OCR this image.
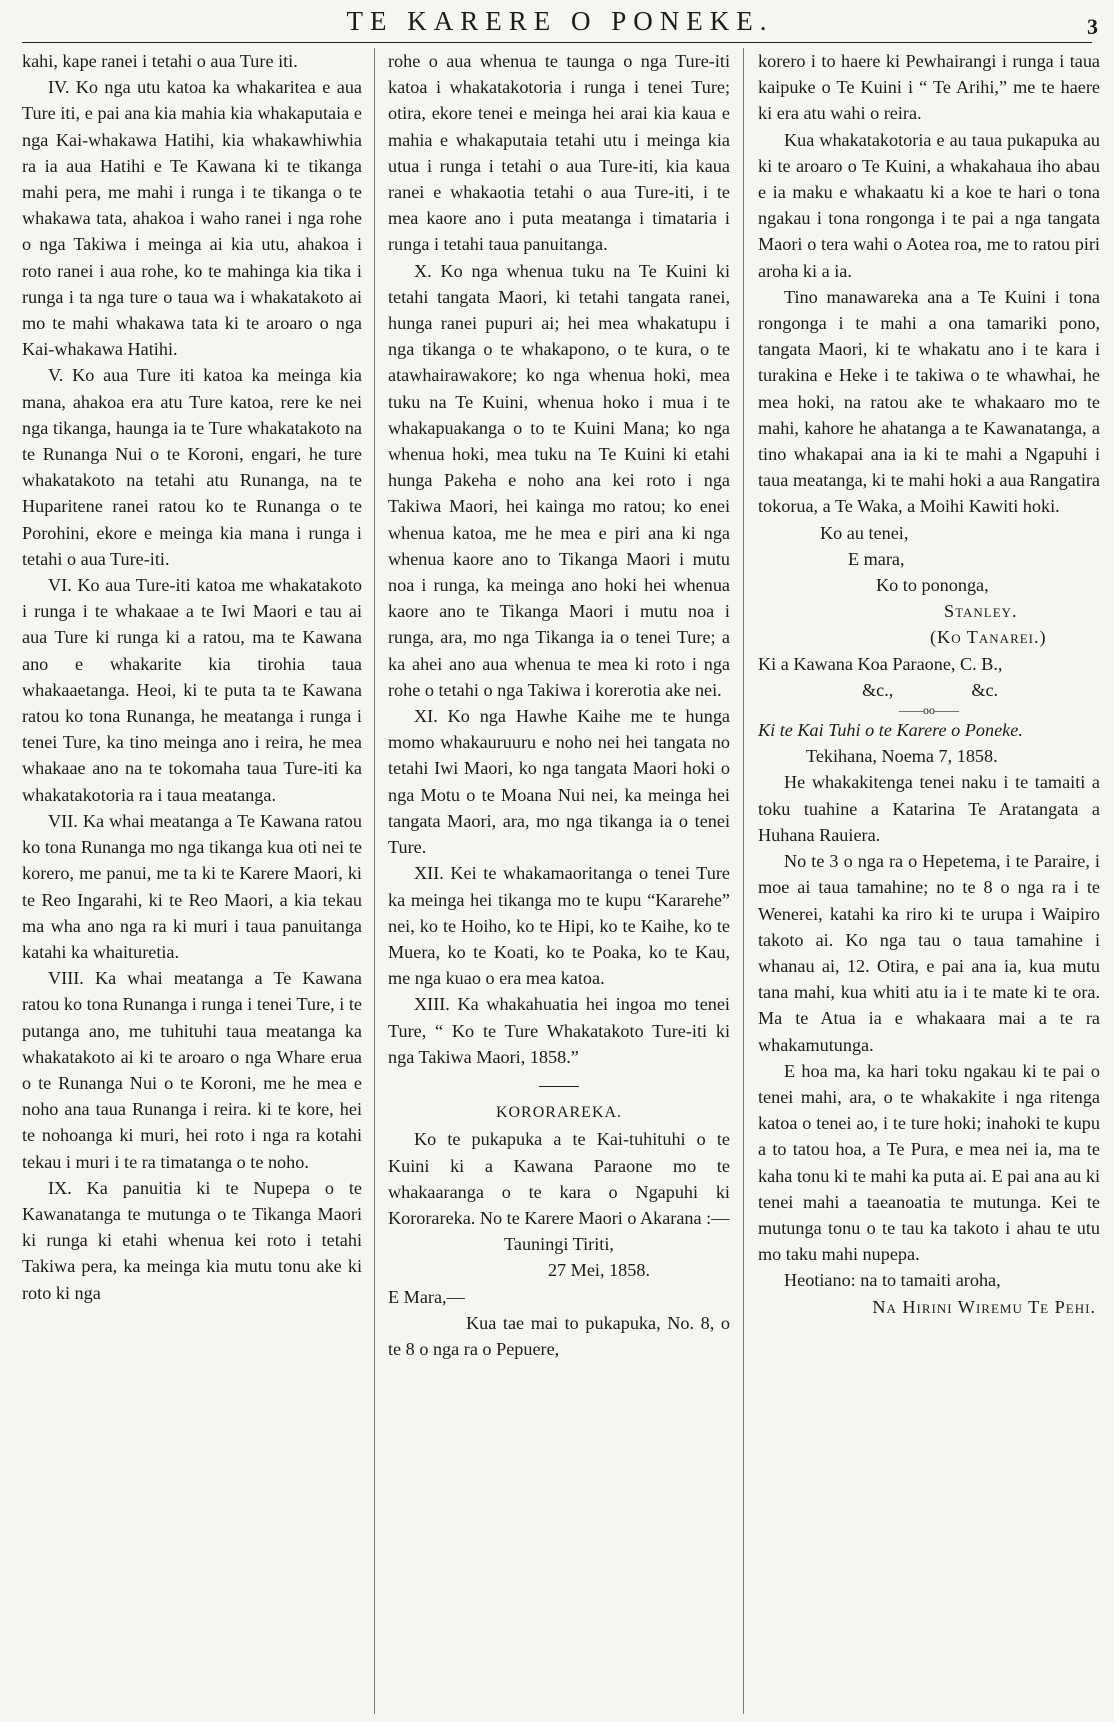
TE KARERE O PONEKE.	3

kahi, kape ranei i tetahi o aua Ture iti.

IV. Ko nga utu katoa ka whakaritea e aua Ture iti, e pai ana kia mahia kia whakaputaia e nga Kai-whakawa Hatihi, kia whakawhiwhia ra ia aua Hatihi e Te Kawana ki te tikanga mahi pera, me mahi i runga i te tikanga o te whakawa tata, ahakoa i waho ranei i nga rohe o nga Takiwa i meinga ai kia utu, ahakoa i roto ranei i aua rohe, ko te mahinga kia tika i runga i ta nga ture o taua wa i whakatakoto ai mo te mahi whakawa tata ki te aroaro o nga Kai-whakawa Hatihi.

V. Ko aua Ture iti katoa ka meinga kia mana, ahakoa era atu Ture katoa, rere ke nei nga tikanga, haunga ia te Ture whakatakoto na te Runanga Nui o te Koroni, engari, he ture whakatakoto na tetahi atu Runanga, na te Huparitene ranei ratou ko te Runanga o te Porohini, ekore e meinga kia mana i runga i tetahi o aua Ture-iti.

VI. Ko aua Ture-iti katoa me whakatakoto i runga i te whakaae a te Iwi Maori e tau ai aua Ture ki runga ki a ratou, ma te Kawana ano e whakarite kia tirohia taua whakaaetanga. Heoi, ki te puta ta te Kawana ratou ko tona Runanga, he meatanga i runga i tenei Ture, ka tino meinga ano i reira, he mea whakaae ano na te tokomaha taua Ture-iti ka whakatakotoria ra i taua meatanga.

VII. Ka whai meatanga a Te Kawana ratou ko tona Runanga mo nga tikanga kua oti nei te korero, me panui, me ta ki te Karere Maori, ki te Reo Ingarahi, ki te Reo Maori, a kia tekau ma wha ano nga ra ki muri i taua panuitanga katahi ka whaituretia.

VIII. Ka whai meatanga a Te Kawana ratou ko tona Runanga i runga i tenei Ture, i te putanga ano, me tuhituhi taua meatanga ka whakatakoto ai ki te aroaro o nga Whare erua o te Runanga Nui o te Koroni, me he mea e noho ana taua Runanga i reira. ki te kore, hei te nohoanga ki muri, hei roto i nga ra kotahi tekau i muri i te ra timatanga o te noho.

IX. Ka panuitia ki te Nupepa o te Kawanatanga te mutunga o te Tikanga Maori ki runga ki etahi whenua kei roto i tetahi Takiwa pera, ka meinga kia mutu tonu ake ki roto ki nga

rohe o aua whenua te taunga o nga Ture-iti katoa i whakatakotoria i runga i tenei Ture; otira, ekore tenei e meinga hei arai kia kaua e mahia e whakaputaia tetahi utu i meinga kia utua i runga i tetahi o aua Ture-iti, kia kaua ranei e whakaotia tetahi o aua Ture-iti, i te mea kaore ano i puta meatanga i timataria i runga i tetahi taua panuitanga.

X. Ko nga whenua tuku na Te Kuini ki tetahi tangata Maori, ki tetahi tangata ranei, hunga ranei pupuri ai; hei mea whakatupu i nga tikanga o te whakapono, o te kura, o te atawhairawakore; ko nga whenua hoki, mea tuku na Te Kuini, whenua hoko i mua i te whakapuakanga o to te Kuini Mana; ko nga whenua hoki, mea tuku na Te Kuini ki etahi hunga Pakeha e noho ana kei roto i nga Takiwa Maori, hei kainga mo ratou; ko enei whenua katoa, me he mea e piri ana ki nga whenua kaore ano to Tikanga Maori i mutu noa i runga, ka meinga ano hoki hei whenua kaore ano te Tikanga Maori i mutu noa i runga, ara, mo nga Tikanga ia o tenei Ture; a ka ahei ano aua whenua te mea ki roto i nga rohe o tetahi o nga Takiwa i korerotia ake nei.

XI. Ko nga Hawhe Kaihe me te hunga momo whakauruuru e noho nei hei tangata no tetahi Iwi Maori, ko nga tangata Maori hoki o nga Motu o te Moana Nui nei, ka meinga hei tangata Maori, ara, mo nga tikanga ia o tenei Ture.

XII. Kei te whakamaoritanga o tenei Ture ka meinga hei tikanga mo te kupu “Kararehe” nei, ko te Hoiho, ko te Hipi, ko te Kaihe, ko te Muera, ko te Koati, ko te Poaka, ko te Kau, me nga kuao o era mea katoa.

XIII. Ka whakahuatia hei ingoa mo tenei Ture, “ Ko te Ture Whakatakoto Ture-iti ki nga Takiwa Maori, 1858.”

KORORAREKA.

Ko te pukapuka a te Kai-tuhituhi o te Kuini ki a Kawana Paraone mo te whakaaranga o te kara o Ngapuhi ki Kororareka. No te Karere Maori o Akarana :—

Tauningi Tiriti,

27 Mei, 1858.

E Mara,—

Kua tae mai to pukapuka, No. 8, o te 8 o nga ra o Pepuere,

korero i to haere ki Pewhairangi i runga i taua kaipuke o Te Kuini i “ Te Arihi,” me te haere ki era atu wahi o reira.

Kua whakatakotoria e au taua pukapuka au ki te aroaro o Te Kuini, a whakahaua iho abau e ia maku e whakaatu ki a koe te hari o tona ngakau i tona rongonga i te pai a nga tangata Maori o tera wahi o Aotea roa, me to ratou piri aroha ki a ia.

Tino manawareka ana a Te Kuini i tona rongonga i te mahi a ona tamariki pono, tangata Maori, ki te whakatu ano i te kara i turakina e Heke i te takiwa o te whawhai, he mea hoki, na ratou ake te whakaaro mo te mahi, kahore he ahatanga a te Kawanatanga, a tino whakapai ana ia ki te mahi a Ngapuhi i taua meatanga, ki te mahi hoki a aua Rangatira tokorua, a Te Waka, a Moihi Kawiti hoki.

Ko au tenei,

E mara,

Ko to pononga,

Stanley.

(Ko Tanarei.)

Ki a Kawana Koa Paraone, C. B.,

&c.,	&c.

——oo——

Ki te Kai Tuhi o te Karere o Poneke.

Tekihana, Noema 7, 1858.

He whakakitenga tenei naku i te tamaiti a toku tuahine a Katarina Te Aratangata a Huhana Rauiera.

No te 3 o nga ra o Hepetema, i te Paraire, i moe ai taua tamahine; no te 8 o nga ra i te Wenerei, katahi ka riro ki te urupa i Waipiro takoto ai. Ko nga tau o taua tamahine i whanau ai, 12. Otira, e pai ana ia, kua mutu tana mahi, kua whiti atu ia i te mate ki te ora. Ma te Atua ia e whakaara mai a te ra whakamutunga.

E hoa ma, ka hari toku ngakau ki te pai o tenei mahi, ara, o te whakakite i nga ritenga katoa o tenei ao, i te ture hoki; inahoki te kupu a to tatou hoa, a Te Pura, e mea nei ia, ma te kaha tonu ki te mahi ka puta ai. E pai ana au ki tenei mahi a taeanoatia te mutunga. Kei te mutunga tonu o te tau ka takoto i ahau te utu mo taku mahi nupepa.

Heotiano: na to tamaiti aroha,

Na Hirini Wiremu Te Pehi.
